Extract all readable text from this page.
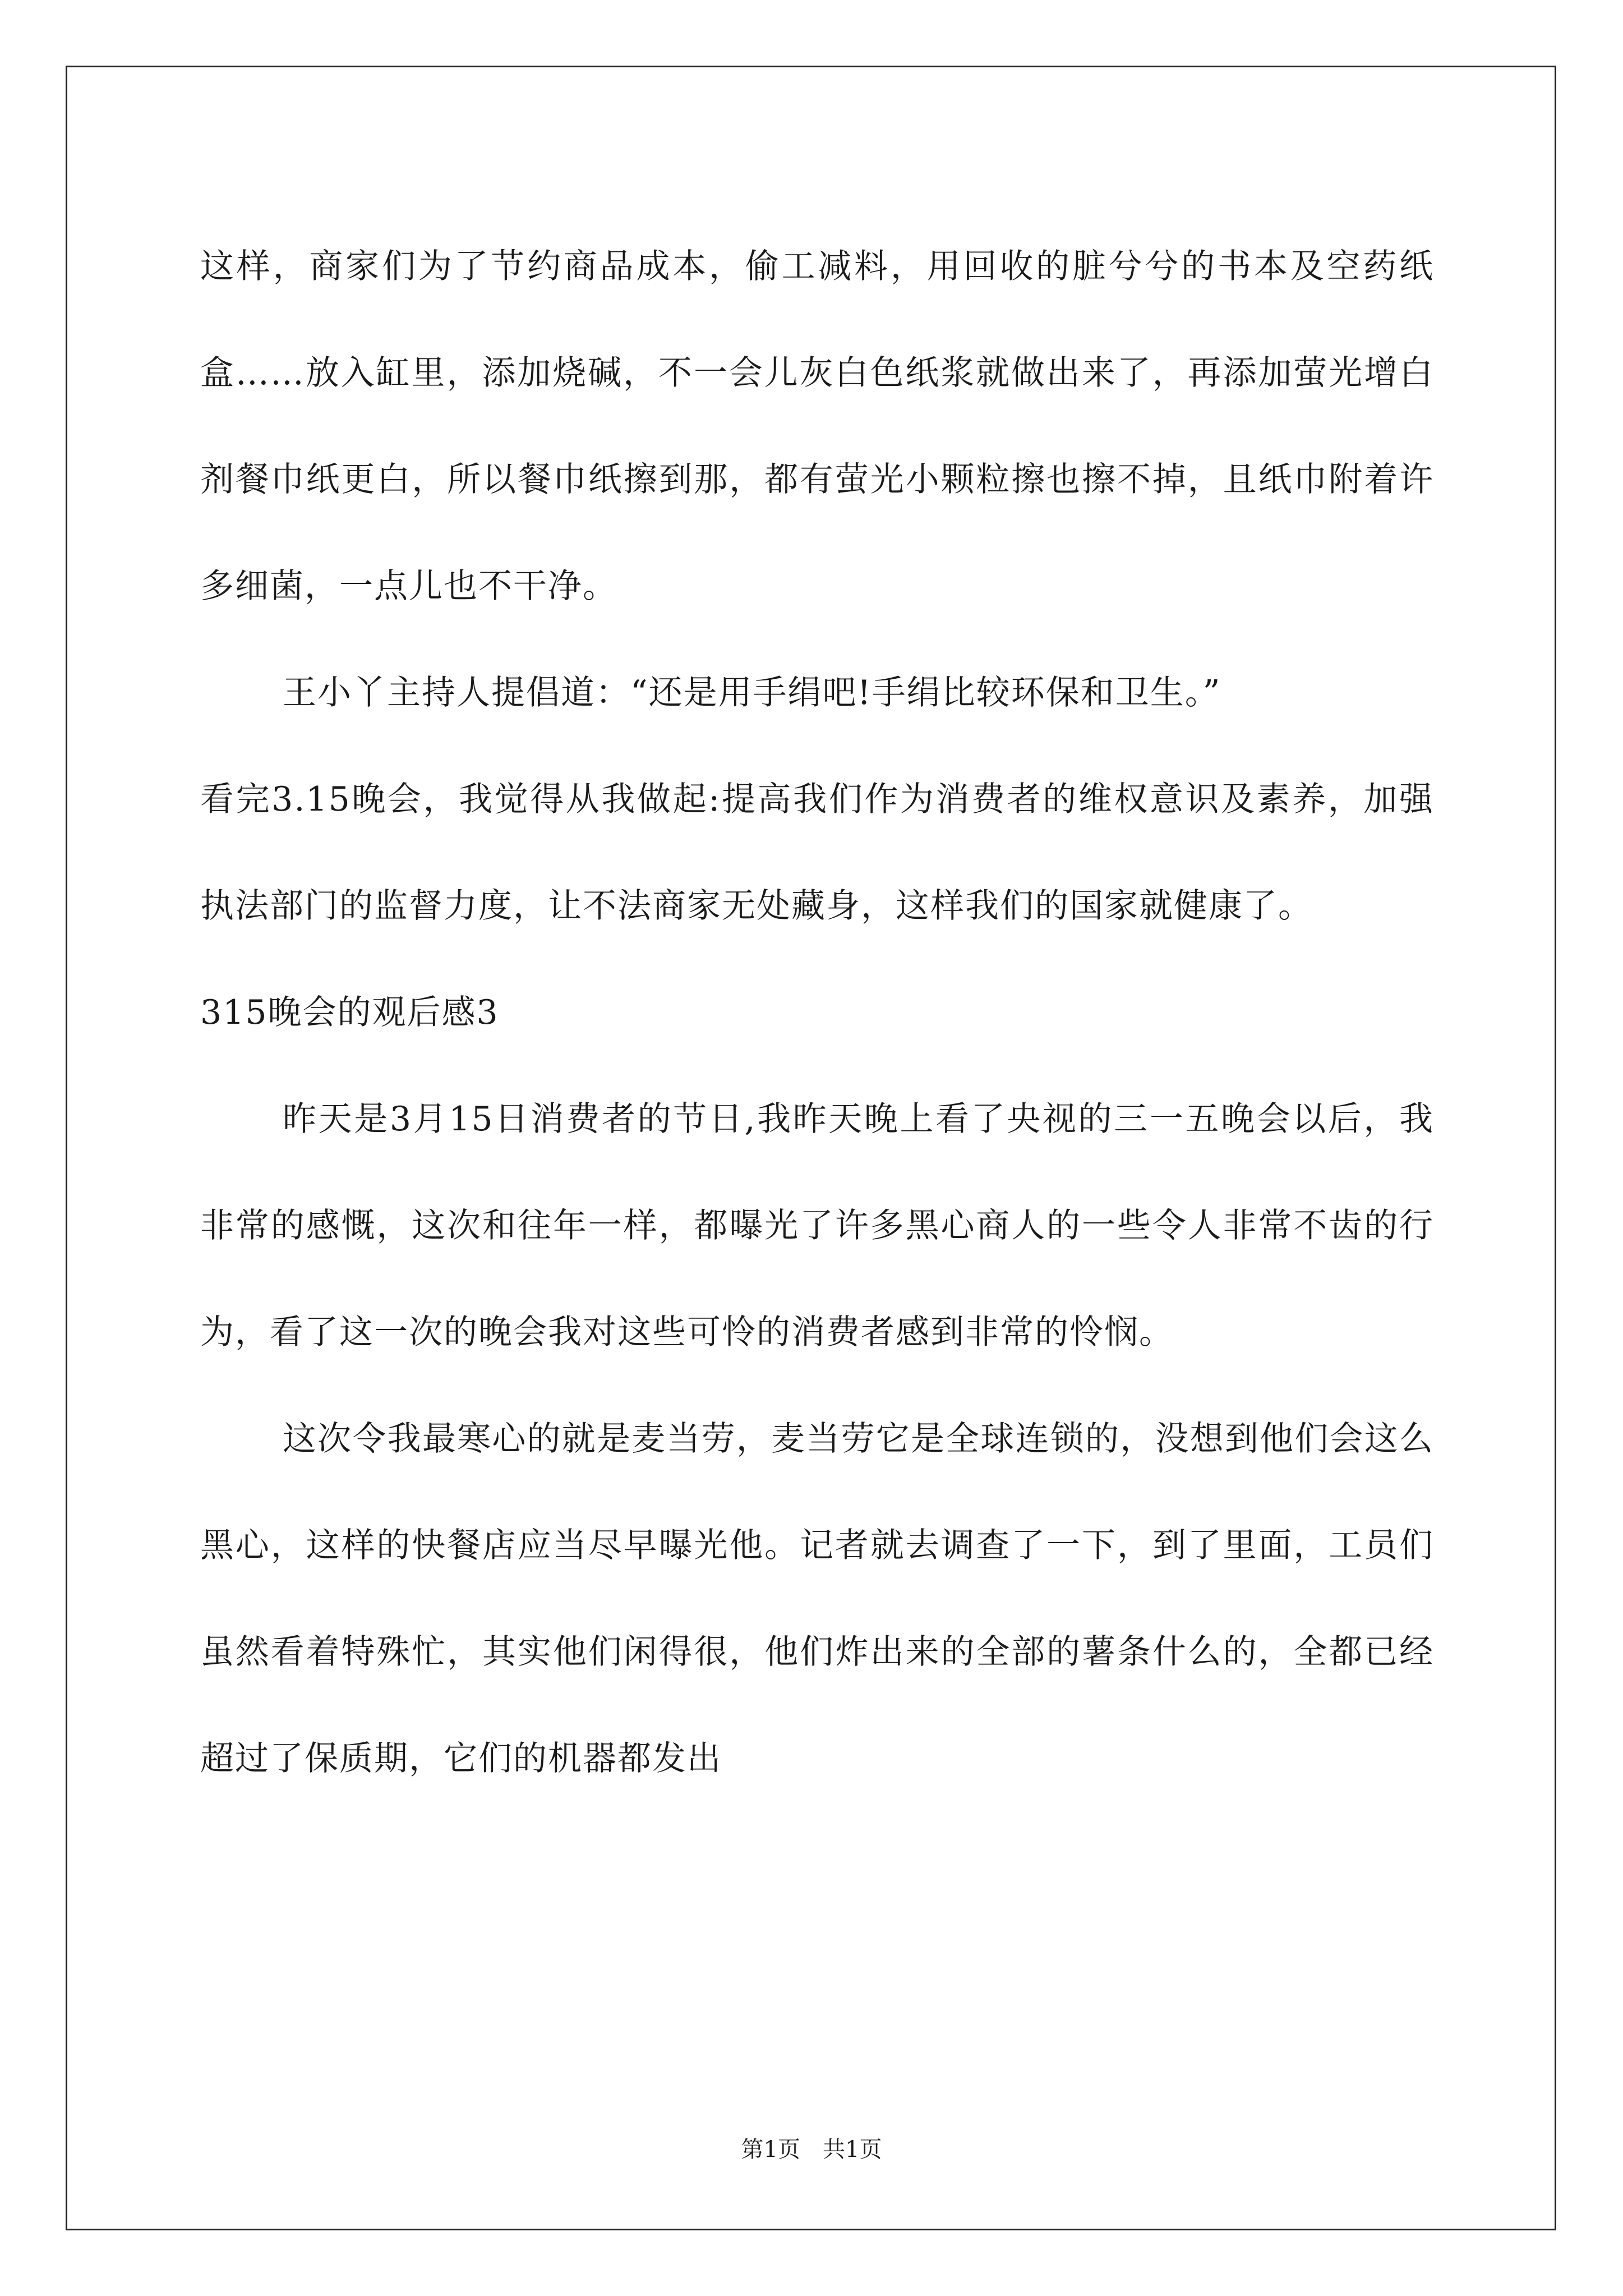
这样，商家们为了节约商品成本，偷工减料，用回收的脏兮兮的书本及空药纸盒……放入缸里，添加烧碱，不一会儿灰白色纸浆就做出来了，再添加萤光增白剂餐巾纸更白，所以餐巾纸擦到那，都有萤光小颗粒擦也擦不掉，且纸巾附着许多细菌，一点儿也不干净。

王小丫主持人提倡道：“还是用手绢吧!手绢比较环保和卫生。”

看完3.15晚会，我觉得从我做起:提高我们作为消费者的维权意识及素养，加强执法部门的监督力度，让不法商家无处藏身，这样我们的国家就健康了。

315晚会的观后感3

昨天是3月15日消费者的节日,我昨天晚上看了央视的三一五晚会以后，我非常的感慨，这次和往年一样，都曝光了许多黑心商人的一些令人非常不齿的行为，看了这一次的晚会我对这些可怜的消费者感到非常的怜悯。

这次令我最寒心的就是麦当劳，麦当劳它是全球连锁的，没想到他们会这么黑心，这样的快餐店应当尽早曝光他。记者就去调查了一下，到了里面，工员们虽然看着特殊忙，其实他们闲得很，他们炸出来的全部的薯条什么的，全都已经超过了保质期，它们的机器都发出

第1页 共1页
